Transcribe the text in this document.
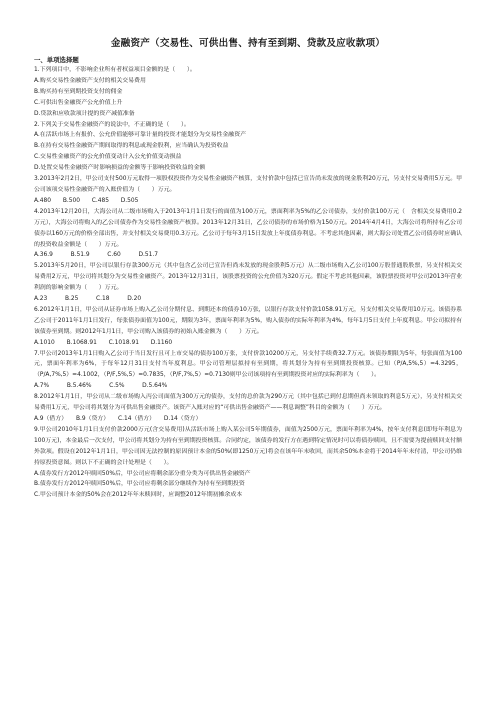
金融资产（交易性、可供出售、持有至到期、贷款及应收款项）
一、单项选择题
1.下列项目中，不影响企业所有者权益项目金额的是（　　）。
A.购买交易性金融资产支付的相关交易费用
B.购买持有至到期投资支付的佣金
C.可供出售金融资产公允价值上升
D.贷款和应收款项计提的资产减值准备
2.下列关于交易性金融资产的说法中，不正确的是（　　）。
A.在活跃市场上有报价、公允价值能够可靠计量的投资才能划分为交易性金融资产
B.在持有交易性金融资产期间取得的利息或现金股利，应当确认为投资收益
C.交易性金融资产的公允价值变动计入公允价值变动损益
D.处置交易性金融资产时影响损益的金额等于影响投资收益的金额
3.2013年2月2日，甲公司支付500万元取得一项股权投资作为交易性金融资产核算，支付价款中包括已宣告尚未发放的现金股利20万元，另支付交易费用5万元。甲公司该项交易性金融资产的入账价值为（　　）万元。
A.480　　B.500　　C.485　　D.505
4.2013年12月20日，大海公司从二级市场购入于2013年1月1日发行的面值为100万元，票面利率为5%的乙公司债券，支付价款100万元（　含相关交易费用0.2万元），大海公司将购入的乙公司债券作为交易性金融资产核算。2013年12月31日，乙公司债券的市场价格为150万元。2014年4月4日，大海公司将所持有乙公司债券以160万元的价格全部出售，并支付相关交易费用0.3万元。乙公司于每年3月15日发放上年度债券利息。不考虑其他因素，则大海公司处置乙公司债券时应确认的投资收益金额是（　　）万元。
A.36.9　　　B.51.9　　　C.60　　　D.51.7
5.2013年5月20日，甲公司以银行存款300万元（其中包含乙公司已宣告但尚未发放的现金股利5万元）从二级市场购入乙公司100万股普通股股票，另支付相关交易费用2万元，甲公司将其划分为交易性金融资产。2013年12月31日，该股票投资的公允价值为320万元。假定不考虑其他因素，该股票投资对甲公司2013年营业利润的影响金额为（　　）万元。
A.23　　　B.25　　　C.18　　　D.20
6.2012年1月1日，甲公司从证券市场上购入乙公司分期付息、到期还本的债券10万张，以银行存款支付价款1058.91万元，另支付相关交易费用10万元。该债券系乙公司于2011年1月1日发行，每张债券面值为100元，期限为3年，票面年利率为5%，购入债券的实际年利率为4%，每年1月5日支付上年度利息。甲公司拟持有该债券至到期。则2012年1月1日，甲公司购入该债券的初始入账金额为（　　）万元。
A.1010　　B.1068.91　　C.1018.91　　D.1160
7.甲公司2013年1月1日购入乙公司于当日发行且可上市交易的债券100万张，支付价款10200万元，另支付手续费32.7万元。该债券期限为5年，每张面值为100元，票面年利率为6%，于每年12月31日支付当年度利息。甲公司管理层拟持有至到期，将其划分为持有至到期投资核算。已知（P/A,5%,5）=4.3295，（P/A,7%,5）=4.1002，（P/F,5%,5）=0.7835，（P/F,7%,5）=0.7130则甲公司该项持有至到期投资对应的实际利率为（　　）。
A.7%　　　B.5.46%　　　C.5%　　　D.5.64%
8.2012年1月1日，甲公司从二级市场购入丙公司面值为300万元的债券，支付的总价款为290万元（其中包括已到付息期但尚未领取的利息5万元），另支付相关交易费用1万元，甲公司将其划分为可供出售金融资产。该资产入账对应的“可供出售金融资产——利息调整”科目的金额为（　　）万元。
A.9（借方）　　B.9（贷方）　　C.14（借方）　　D.14（贷方）
9.甲公司2010年1月1日支付价款2000万元(含交易费用)从活跃市场上购入某公司5年期债券，面值为2500万元，票面年利率为4%，按年支付利息(即每年利息为100万元)，本金最后一次支付，甲公司将其划分为持有至到期投资核算。合同约定，该债券的发行方在遇到特定情况时可以将债券赎回，且不需要为提前赎回支付额外款项。假设在2012年1月1日，甲公司因无法控制的原因预计本金的50%(即1250万元)将会在该年年末收回，而其余50%本金将于2014年年末付清，甲公司仍维持原投资意图。则以下不正确的会计处理是（　　）。
A.债券发行方2012年赎回50%后，甲公司应将剩余部分重分类为可供出售金融资产
B.债券发行方2012年赎回50%后，甲公司应将剩余部分继续作为持有至到期投资
C.甲公司预计本金的50%会在2012年年末赎回时，应调整2012年期初摊余成本
